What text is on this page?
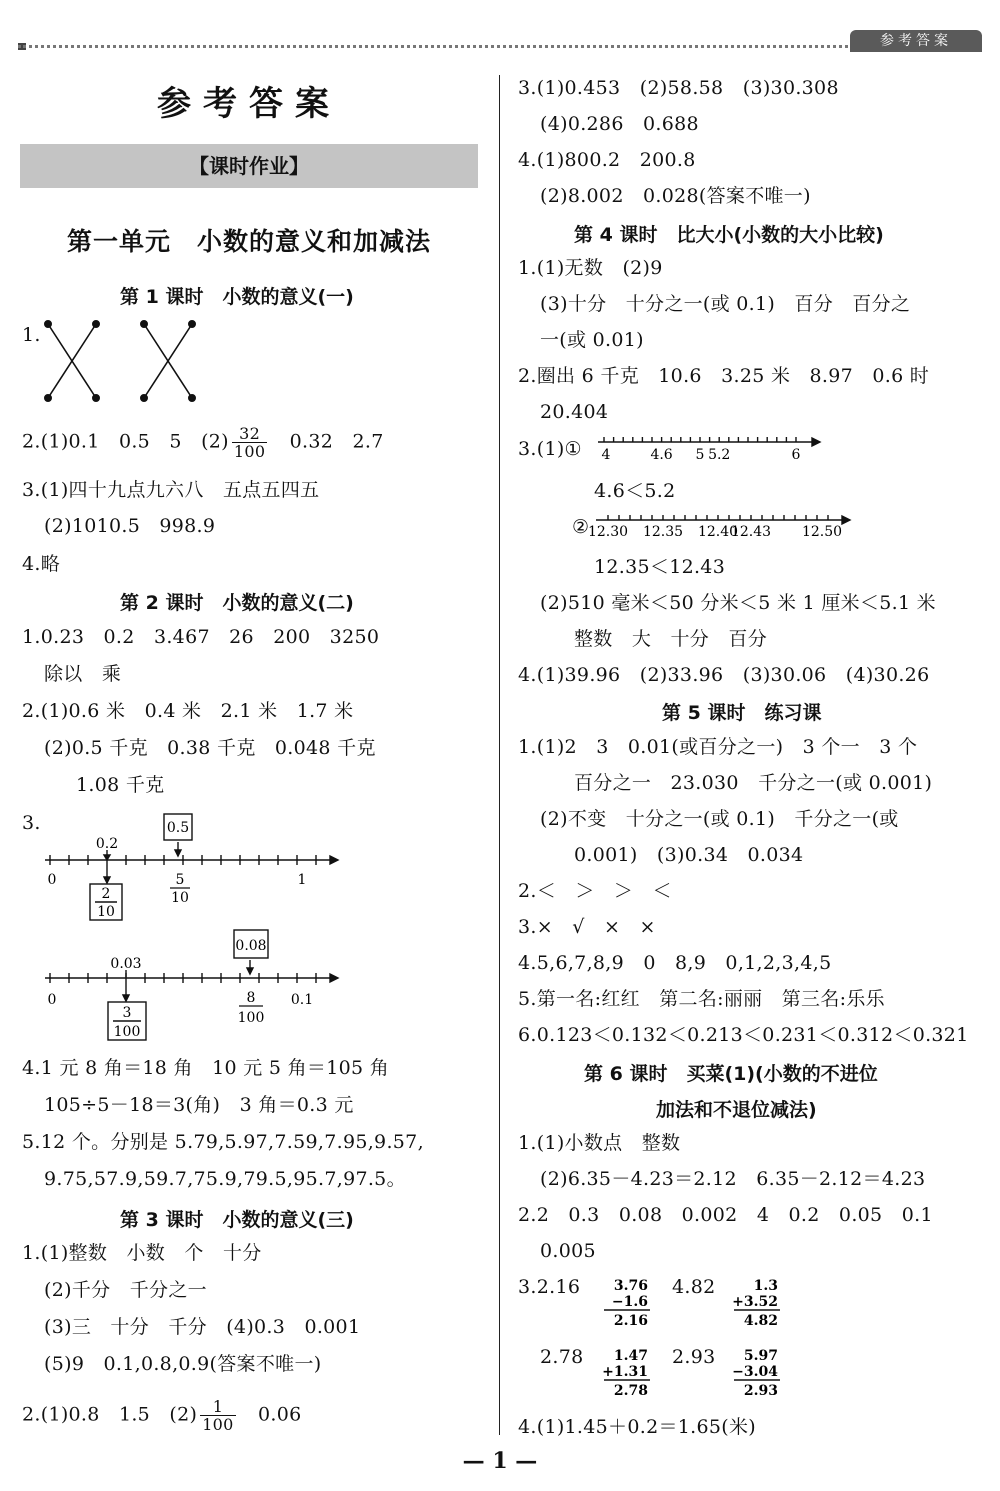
参考答案
参考答案
【课时作业】
第一单元　小数的意义和加减法
第 1 课时　小数的意义(一)
1.
2.(1)0.1　0.5　5　$(2) \frac{32}{100}$
　 0.32　2.7
3.(1)四十九点九六八　五点五四五
(2)1010.5　998.9
4.略
第 2 课时　小数的意义(二)
1.0.23　0.2　3.467　26　200　3250
除以　乘
2.(1)0.6 米　0.4 米　2.1 米　1.7 米
(2)0.5 千克　0.38 千克　0.048 千克
1.08 千克
3.	0.5
0.2
0	1
5
10
2
10
0.08
0.03
0	0.1
8
100
3
100
4.1 元 8 角＝18 角　10 元 5 角＝105 角
105÷5－18＝3(角)　3 角＝0.3 元
5.12 个。分别是 5.79,5.97,7.59,7.95,9.57,
9.75,57.9,59.7,75.9,79.5,95.7,97.5。
第 3 课时　小数的意义(三)
1.(1)整数　小数　个　十分
(2)千分　千分之一
(3)三　十分　千分　(4)0.3　0.001
(5)9　0.1,0.8,0.9(答案不唯一)
2.(1)0.8　1.5　$(2) \frac{1}{100}$
　 0.06
3.(1)0.453　(2)58.58　(3)30.308
(4)0.286　0.688
4.(1)800.2　200.8
(2)8.002　0.028(答案不唯一)
第 4 课时　比大小(小数的大小比较)
1.(1)无数　(2)9
(3)十分　十分之一(或 0.1)　百分　百分之
一(或 0.01)
2.圈出 6 千克　10.6　3.25 米　8.97　0.6 时
20.404
3.(1)① 4	4.6 5 5.2	6
4.6＜5.2
②
12.30 12.35 12.40
12.43 12.50
12.35＜12.43
(2)510 毫米＜50 分米＜5 米 1 厘米＜5.1 米
整数　大　十分　百分
4.(1)39.96　(2)33.96　(3)30.06　(4)30.26
第 5 课时　练习课
1.(1)2　3　0.01(或百分之一)　3 个一　3 个
百分之一　23.030　千分之一(或 0.001)
(2)不变　十分之一(或 0.1)　千分之一(或
0.001)　(3)0.34　0.034
2.＜　＞　＞　＜
3.×　√　×　×
4.5,6,7,8,9　0　8,9　0,1,2,3,4,5
5.第一名:红红　第二名:丽丽　第三名:乐乐
6.0.123＜0.132＜0.213＜0.231＜0.312＜0.321
第 6 课时　买菜(1)(小数的不进位
加法和不退位减法)
1.(1)小数点　整数
(2)6.35－4.23＝2.12　6.35－2.12＝4.23
2.2　0.3　0.08　0.002　4　0.2　0.05　0.1
0.005
3.2.16 3.76
−1.6
2.16
4.82	1.3
+3.52
4.82
2.78 1.47
+1.31
2.78
2.93 5.97
−3.04
2.93
4.(1)1.45＋0.2＝1.65(米)
— 1 —
